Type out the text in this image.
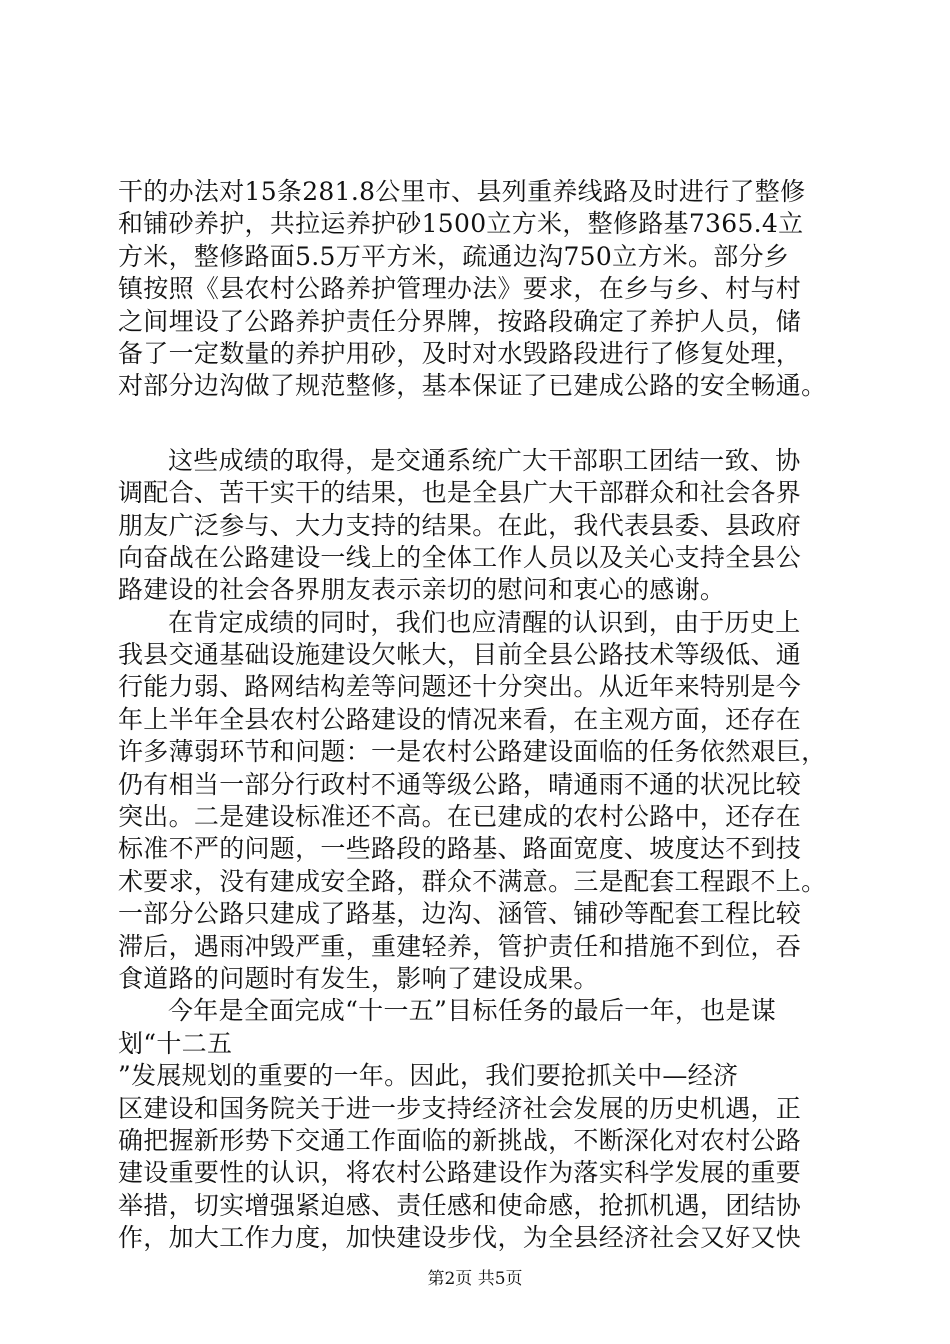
干的办法对15条281.8公里市、县列重养线路及时进行了整修
和铺砂养护，共拉运养护砂1500立方米，整修路基7365.4立
方米，整修路面5.5万平方米，疏通边沟750立方米。部分乡
镇按照《县农村公路养护管理办法》要求，在乡与乡、村与村
之间埋设了公路养护责任分界牌，按路段确定了养护人员，储
备了一定数量的养护用砂，及时对水毁路段进行了修复处理，
对部分边沟做了规范整修，基本保证了已建成公路的安全畅通。
这些成绩的取得，是交通系统广大干部职工团结一致、协
调配合、苦干实干的结果，也是全县广大干部群众和社会各界
朋友广泛参与、大力支持的结果。在此，我代表县委、县政府
向奋战在公路建设一线上的全体工作人员以及关心支持全县公
路建设的社会各界朋友表示亲切的慰问和衷心的感谢。
在肯定成绩的同时，我们也应清醒的认识到，由于历史上
我县交通基础设施建设欠帐大，目前全县公路技术等级低、通
行能力弱、路网结构差等问题还十分突出。从近年来特别是今
年上半年全县农村公路建设的情况来看，在主观方面，还存在
许多薄弱环节和问题：一是农村公路建设面临的任务依然艰巨，
仍有相当一部分行政村不通等级公路，晴通雨不通的状况比较
突出。二是建设标准还不高。在已建成的农村公路中，还存在
标准不严的问题，一些路段的路基、路面宽度、坡度达不到技
术要求，没有建成安全路，群众不满意。三是配套工程跟不上。
一部分公路只建成了路基，边沟、涵管、铺砂等配套工程比较
滞后，遇雨冲毁严重，重建轻养，管护责任和措施不到位，吞
食道路的问题时有发生，影响了建设成果。
今年是全面完成“十一五”目标任务的最后一年，也是谋
划“十二五
”发展规划的重要的一年。因此，我们要抢抓关中—经济
区建设和国务院关于进一步支持经济社会发展的历史机遇，正
确把握新形势下交通工作面临的新挑战，不断深化对农村公路
建设重要性的认识，将农村公路建设作为落实科学发展的重要
举措，切实增强紧迫感、责任感和使命感，抢抓机遇，团结协
作，加大工作力度，加快建设步伐，为全县经济社会又好又快
第2页 共5页
